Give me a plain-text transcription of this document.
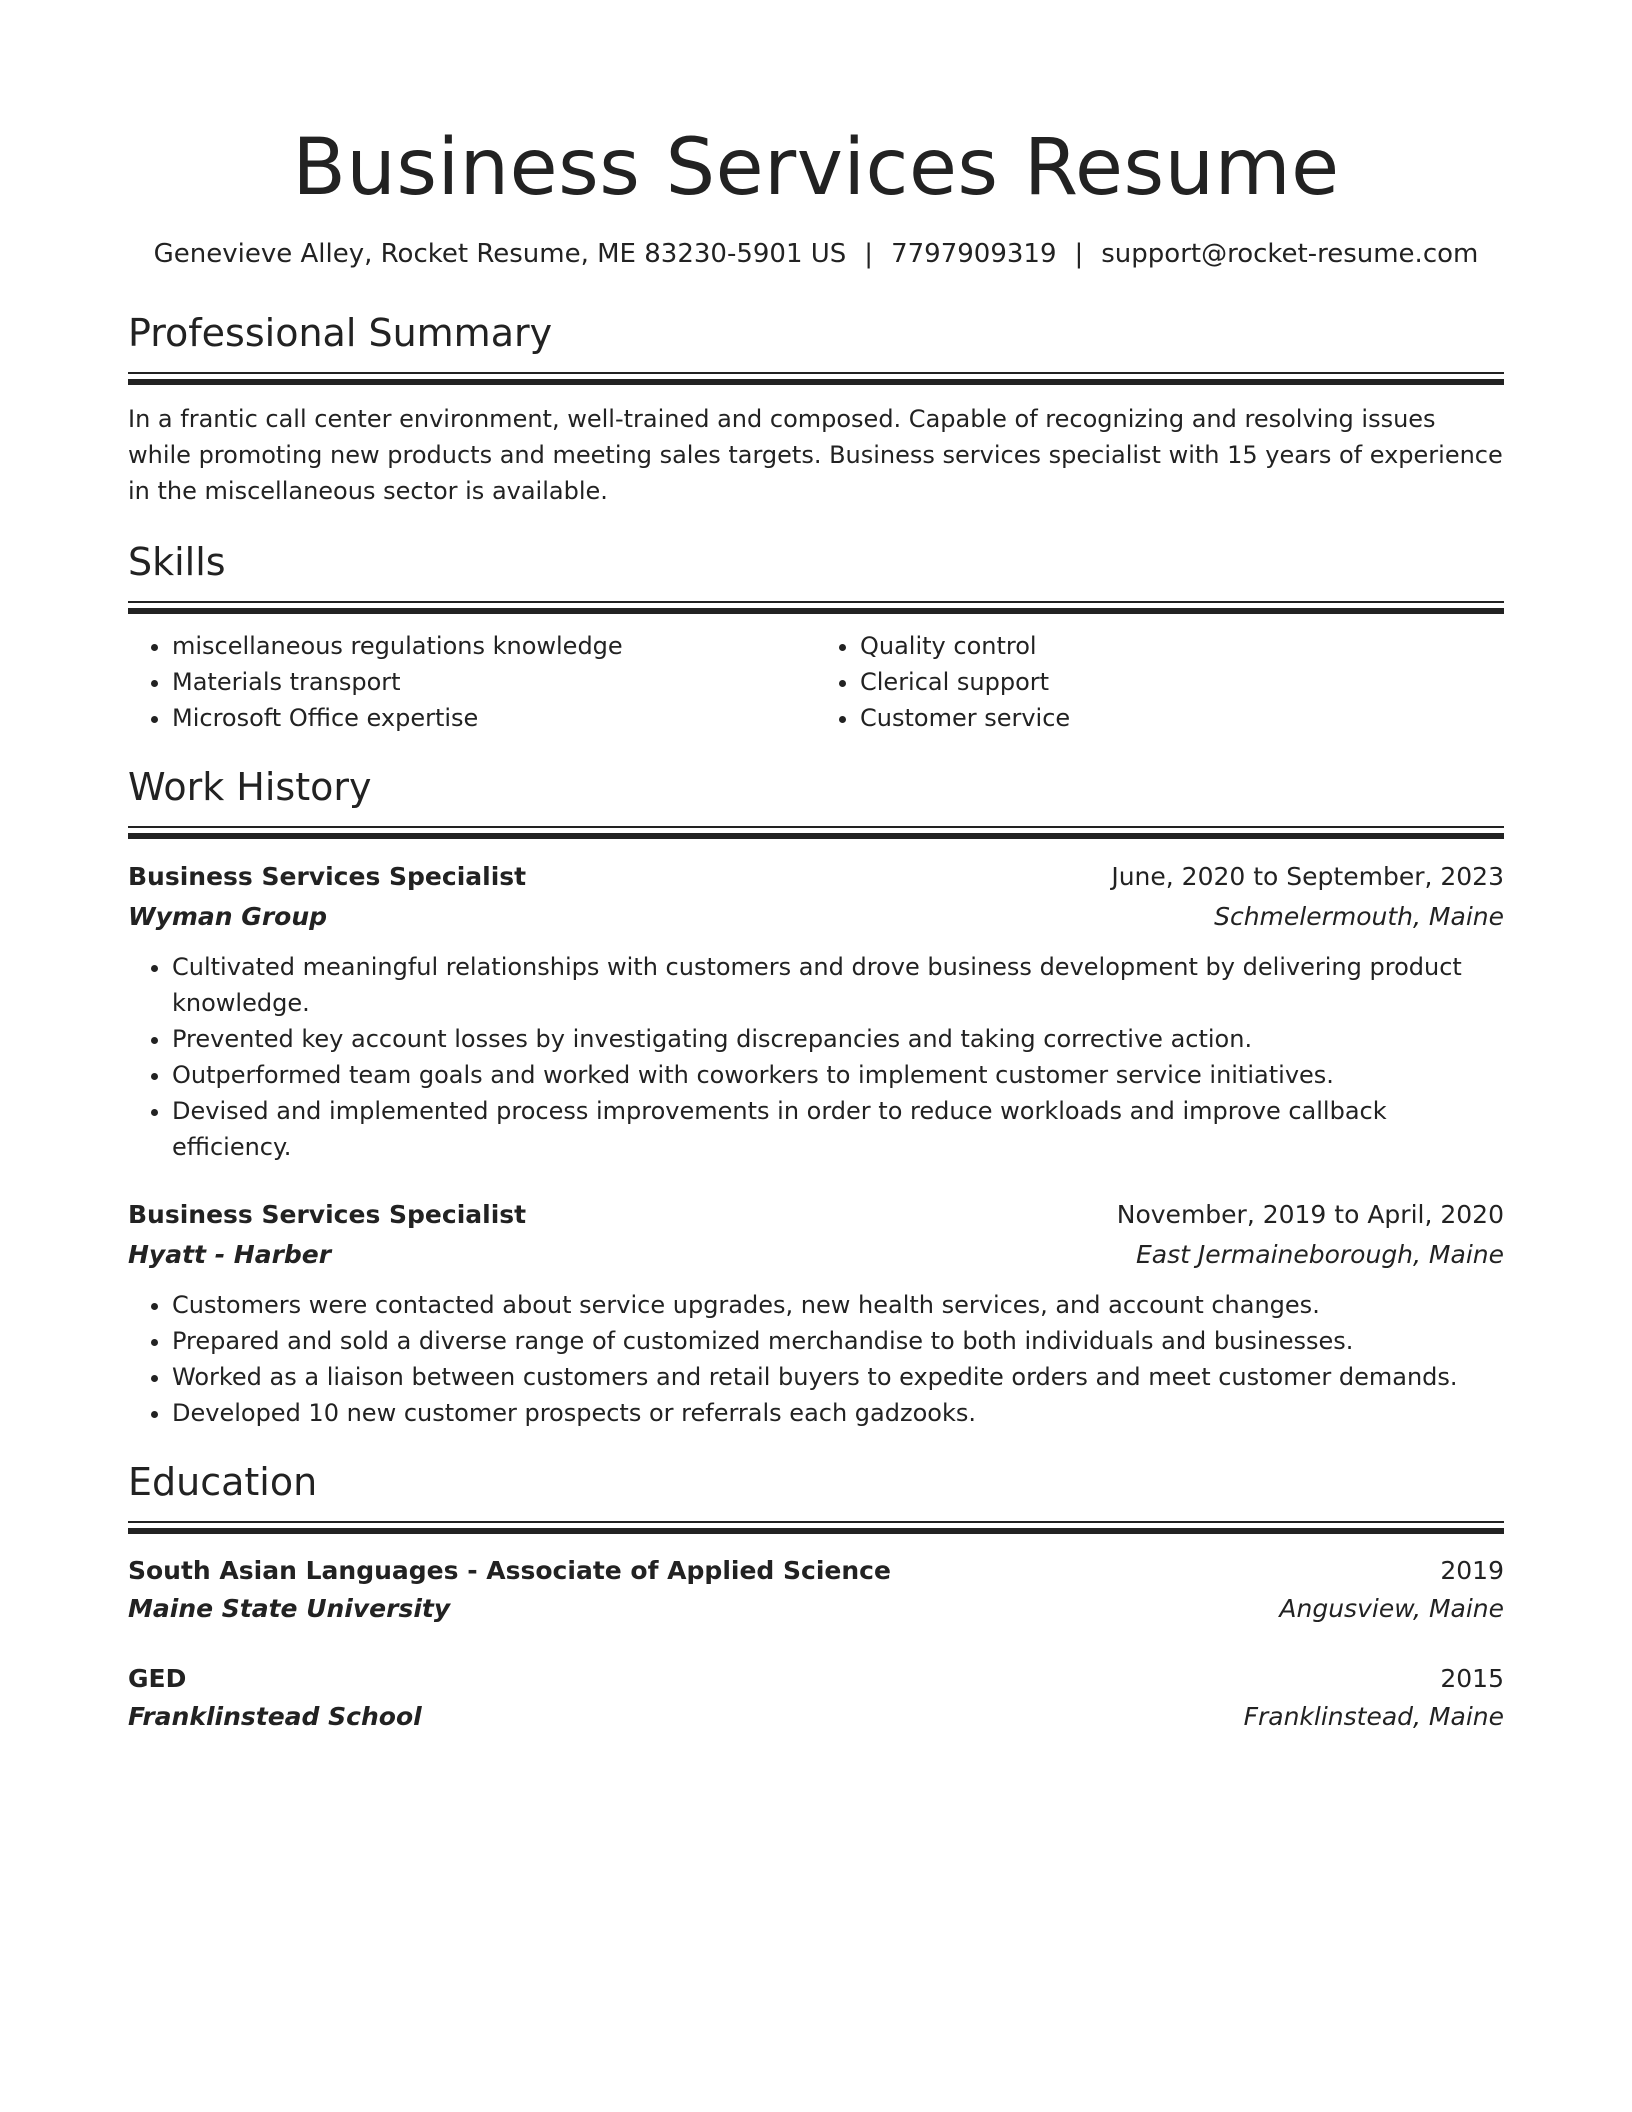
Business Services Resume
Genevieve Alley, Rocket Resume, ME 83230-5901 US | 7797909319 | support@rocket-resume.com
Professional Summary
In a frantic call center environment, well-trained and composed. Capable of recognizing and resolving issues while promoting new products and meeting sales targets. Business services specialist with 15 years of experience in the miscellaneous sector is available.
Skills
• miscellaneous regulations knowledge
• Materials transport
• Microsoft Office expertise
• Quality control
• Clerical support
• Customer service
Work History
Business Services Specialist	June, 2020 to September, 2023
Wyman Group	Schmelermouth, Maine
• Cultivated meaningful relationships with customers and drove business development by delivering product knowledge.
• Prevented key account losses by investigating discrepancies and taking corrective action.
• Outperformed team goals and worked with coworkers to implement customer service initiatives.
• Devised and implemented process improvements in order to reduce workloads and improve callback efficiency.
Business Services Specialist	November, 2019 to April, 2020
Hyatt - Harber	East Jermaineborough, Maine
• Customers were contacted about service upgrades, new health services, and account changes.
• Prepared and sold a diverse range of customized merchandise to both individuals and businesses.
• Worked as a liaison between customers and retail buyers to expedite orders and meet customer demands.
• Developed 10 new customer prospects or referrals each gadzooks.
Education
South Asian Languages - Associate of Applied Science	2019
Maine State University	Angusview, Maine
GED	2015
Franklinstead School	Franklinstead, Maine
